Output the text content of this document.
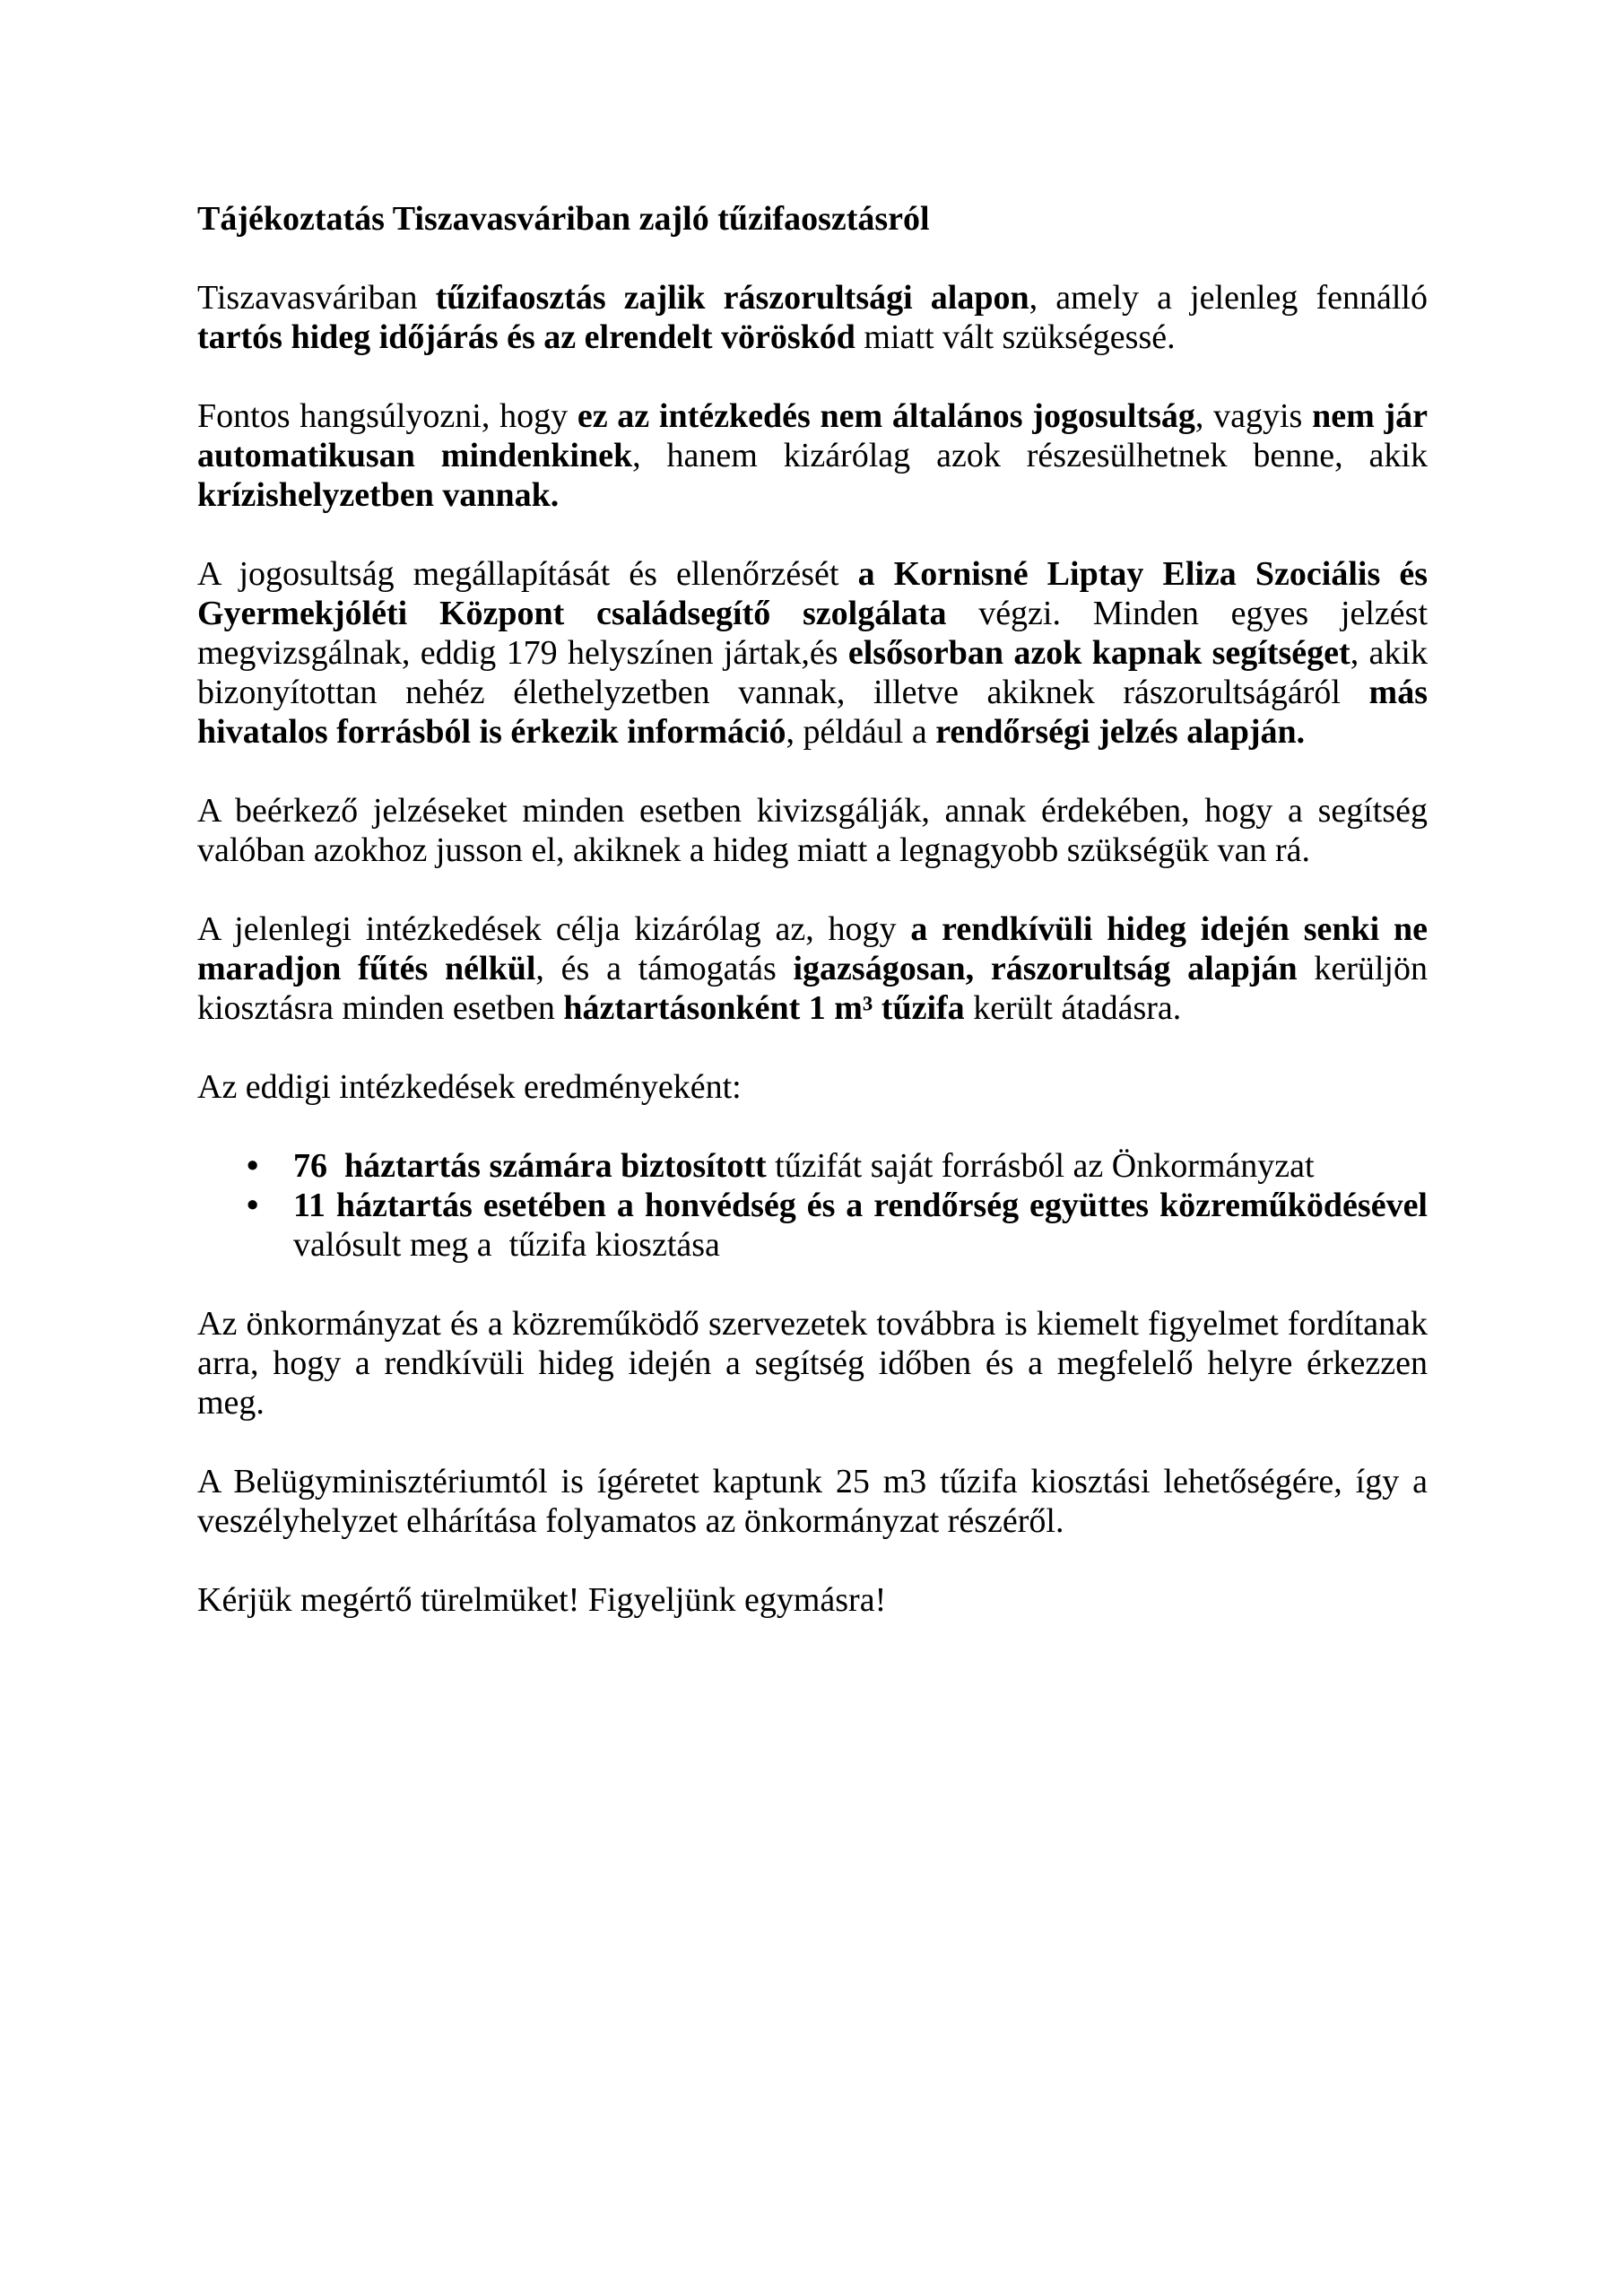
Tájékoztatás Tiszavasváriban zajló tűzifaosztásról

Tiszavasváriban tűzifaosztás zajlik rászorultsági alapon, amely a jelenleg fennálló tartós hideg időjárás és az elrendelt vöröskód miatt vált szükségessé.

Fontos hangsúlyozni, hogy ez az intézkedés nem általános jogosultság, vagyis nem jár automatikusan mindenkinek, hanem kizárólag azok részesülhetnek benne, akik krízishelyzetben vannak.

A jogosultság megállapítását és ellenőrzését a Kornisné Liptay Eliza Szociális és Gyermekjóléti Központ családsegítő szolgálata végzi. Minden egyes jelzést megvizsgálnak, eddig 179 helyszínen jártak,és elsősorban azok kapnak segítséget, akik bizonyítottan nehéz élethelyzetben vannak, illetve akiknek rászorultságáról más hivatalos forrásból is érkezik információ, például a rendőrségi jelzés alapján.

A beérkező jelzéseket minden esetben kivizsgálják, annak érdekében, hogy a segítség valóban azokhoz jusson el, akiknek a hideg miatt a legnagyobb szükségük van rá.

A jelenlegi intézkedések célja kizárólag az, hogy a rendkívüli hideg idején senki ne maradjon fűtés nélkül, és a támogatás igazságosan, rászorultság alapján kerüljön kiosztásra minden esetben háztartásonként 1 m³ tűzifa került átadásra.

Az eddigi intézkedések eredményeként:

• 76  háztartás számára biztosított tűzifát saját forrásból az Önkormányzat
• 11 háztartás esetében a honvédség és a rendőrség együttes közreműködésével valósult meg a  tűzifa kiosztása

Az önkormányzat és a közreműködő szervezetek továbbra is kiemelt figyelmet fordítanak arra, hogy a rendkívüli hideg idején a segítség időben és a megfelelő helyre érkezzen meg.

A Belügyminisztériumtól is ígéretet kaptunk 25 m3 tűzifa kiosztási lehetőségére, így a veszélyhelyzet elhárítása folyamatos az önkormányzat részéről.

Kérjük megértő türelmüket! Figyeljünk egymásra!
